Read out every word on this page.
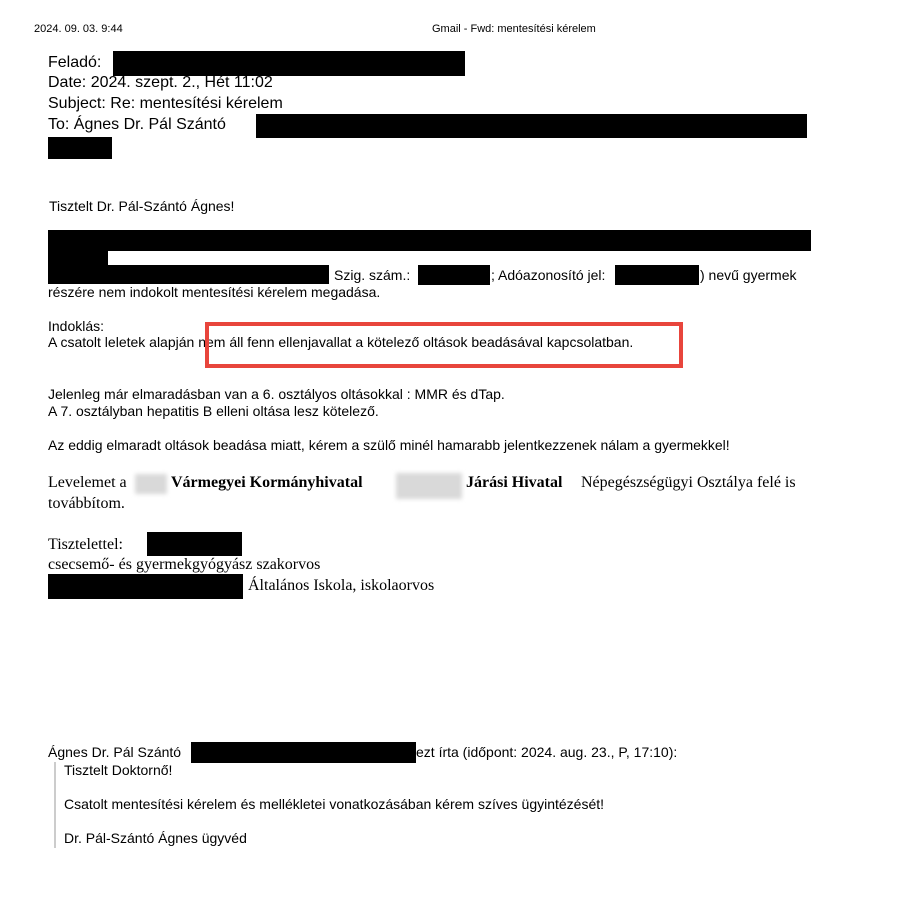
2024. 09. 03. 9:44	Gmail - Fwd: mentesítési kérelem
Feladó:
Date: 2024. szept. 2., Hét 11:02
Subject: Re: mentesítési kérelem
To: Ágnes Dr. Pál Szántó
Tisztelt Dr. Pál-Szántó Ágnes!
Szig. szám.:	; Adóazonosító jel:	) nevű gyermek
részére nem indokolt mentesítési kérelem megadása.
Indoklás:
A csatolt leletek alapján nem áll fenn ellenjavallat a kötelező oltások beadásával kapcsolatban.
Jelenleg már elmaradásban van a 6. osztályos oltásokkal : MMR és dTap.
A 7. osztályban hepatitis B elleni oltása lesz kötelező.
Az eddig elmaradt oltások beadása miatt, kérem a szülő minél hamarabb jelentkezzenek nálam a gyermekkel!
Levelemet a	Vármegyei Kormányhivatal	Járási Hivatal Népegészségügyi Osztálya felé is
továbbítom.
Tisztelettel:
csecsemő- és gyermekgyógyász szakorvos
Általános Iskola, iskolaorvos
Ágnes Dr. Pál Szántó	ezt írta (időpont: 2024. aug. 23., P, 17:10):
Tisztelt Doktornő!
Csatolt mentesítési kérelem és mellékletei vonatkozásában kérem szíves ügyintézését!
Dr. Pál-Szántó Ágnes ügyvéd
